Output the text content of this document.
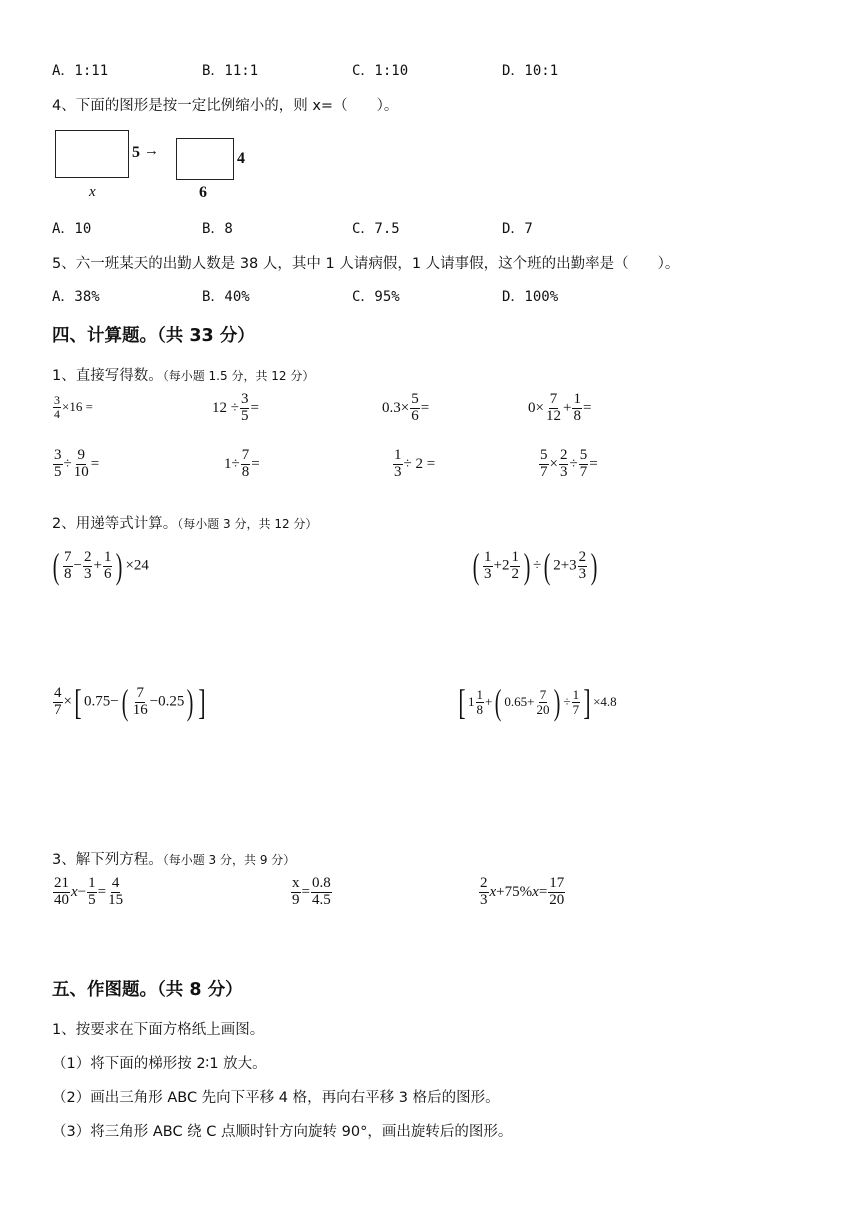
A．1:11	B．11:1	C．1:10	D．10:1
4、下面的图形是按一定比例缩小的，则 x=（　　）。
5 →
x
4
6
A．10	B．8	C．7.5	D．7
5、六一班某天的出勤人数是 38 人，其中 1 人请病假，1 人请事假，这个班的出勤率是（　　）。
A．38%	B．40%	C．95%	D．100%
四、计算题。（共 33 分）
1、直接写得数。（每小题 1.5 分，共 12 分）
$\frac{3}{4} \times 16$ =	$12 \div \frac{3}{5}$ =	$0.3\times \frac{5}{6}$ =	$0\times \frac{7}{12} + \frac{1}{8}$ =
$\frac{3}{5} \div \frac{9}{10}$ =	$1\div \frac{7}{8}$ =	$\frac{1}{3} \div 2$ =	$\frac{5}{7} \times \frac{2}{3} \div \frac{5}{7}$ =
2、用递等式计算。（每小题 3 分，共 12 分）
( $\frac{7}{8} - \frac{2}{3} + \frac{1}{6}$ ) ×24	( $\frac{1}{3} +2 \frac{1}{2}$ ) ÷( $2+3 \frac{2}{3}$ )
$\frac{4}{7}$ ×[ $0.75-( \frac{7}{16} -0.25)$ ]	[ $1 \frac{1}{8}$ +( $0.65+ \frac{7}{20}$ ) ÷ $\frac{1}{7}$ ] ×4.8
3、解下列方程。（每小题 3 分，共 9 分）
$\frac{21}{40} x- \frac{1}{5} = \frac{4}{15}$	$\frac{x}{9} = \frac{0.8}{4.5}$	$\frac{2}{3} x+75\%x= \frac{17}{20}$
五、作图题。（共 8 分）
1、按要求在下面方格纸上画图。
（1）将下面的梯形按 2∶1 放大。
（2）画出三角形 ABC 先向下平移 4 格，再向右平移 3 格后的图形。
（3）将三角形 ABC 绕 C 点顺时针方向旋转 90°，画出旋转后的图形。
